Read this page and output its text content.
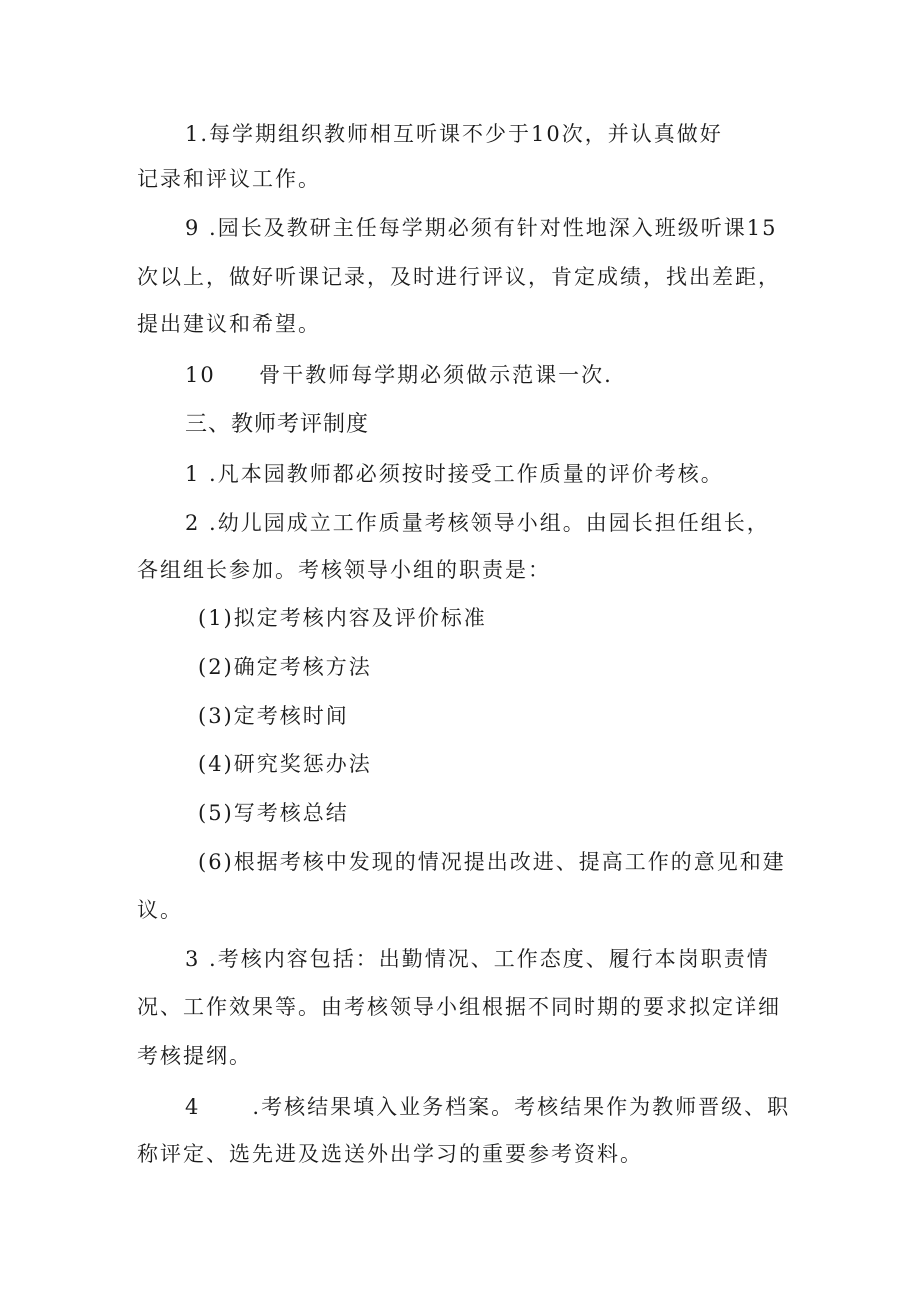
1.每学期组织教师相互听课不少于10次，并认真做好
记录和评议工作。
9 .园长及教研主任每学期必须有针对性地深入班级听课15
次以上，做好听课记录，及时进行评议，肯定成绩，找出差距，
提出建议和希望。
10     骨干教师每学期必须做示范课一次.
三、教师考评制度
1 .凡本园教师都必须按时接受工作质量的评价考核。
2 .幼儿园成立工作质量考核领导小组。由园长担任组长，
各组组长参加。考核领导小组的职责是：
(1)拟定考核内容及评价标准
(2)确定考核方法
(3)定考核时间
(4)研究奖惩办法
(5)写考核总结
(6)根据考核中发现的情况提出改进、提高工作的意见和建
议。
3 .考核内容包括：出勤情况、工作态度、履行本岗职责情
况、工作效果等。由考核领导小组根据不同时期的要求拟定详细
考核提纲。
4      .考核结果填入业务档案。考核结果作为教师晋级、职
称评定、选先进及选送外出学习的重要参考资料。
